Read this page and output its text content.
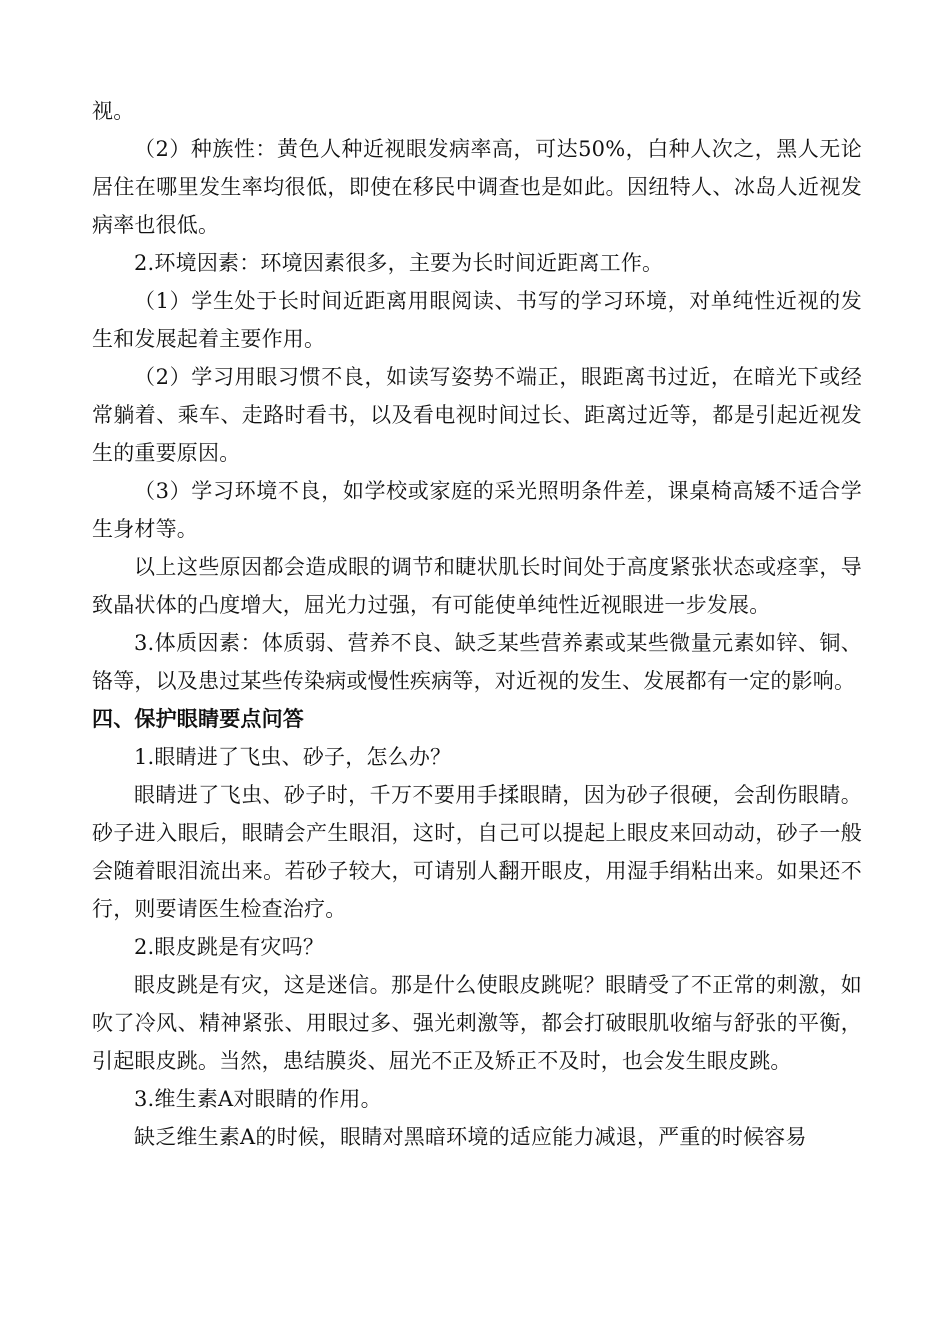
视。

（2）种族性：黄色人种近视眼发病率高，可达50%，白种人次之，黑人无论居住在哪里发生率均很低，即使在移民中调查也是如此。因纽特人、冰岛人近视发病率也很低。

2.环境因素：环境因素很多，主要为长时间近距离工作。

（1）学生处于长时间近距离用眼阅读、书写的学习环境，对单纯性近视的发生和发展起着主要作用。

（2）学习用眼习惯不良，如读写姿势不端正，眼距离书过近，在暗光下或经常躺着、乘车、走路时看书，以及看电视时间过长、距离过近等，都是引起近视发生的重要原因。

（3）学习环境不良，如学校或家庭的采光照明条件差，课桌椅高矮不适合学生身材等。

以上这些原因都会造成眼的调节和睫状肌长时间处于高度紧张状态或痉挛，导致晶状体的凸度增大，屈光力过强，有可能使单纯性近视眼进一步发展。

3.体质因素：体质弱、营养不良、缺乏某些营养素或某些微量元素如锌、铜、铬等，以及患过某些传染病或慢性疾病等，对近视的发生、发展都有一定的影响。

四、保护眼睛要点问答

1.眼睛进了飞虫、砂子，怎么办？

眼睛进了飞虫、砂子时，千万不要用手揉眼睛，因为砂子很硬，会刮伤眼睛。砂子进入眼后，眼睛会产生眼泪，这时，自己可以提起上眼皮来回动动，砂子一般会随着眼泪流出来。若砂子较大，可请别人翻开眼皮，用湿手绢粘出来。如果还不行，则要请医生检查治疗。

2.眼皮跳是有灾吗？

眼皮跳是有灾，这是迷信。那是什么使眼皮跳呢？眼睛受了不正常的刺激，如吹了冷风、精神紧张、用眼过多、强光刺激等，都会打破眼肌收缩与舒张的平衡，引起眼皮跳。当然，患结膜炎、屈光不正及矫正不及时，也会发生眼皮跳。

3.维生素A对眼睛的作用。

缺乏维生素A的时候，眼睛对黑暗环境的适应能力减退，严重的时候容易
